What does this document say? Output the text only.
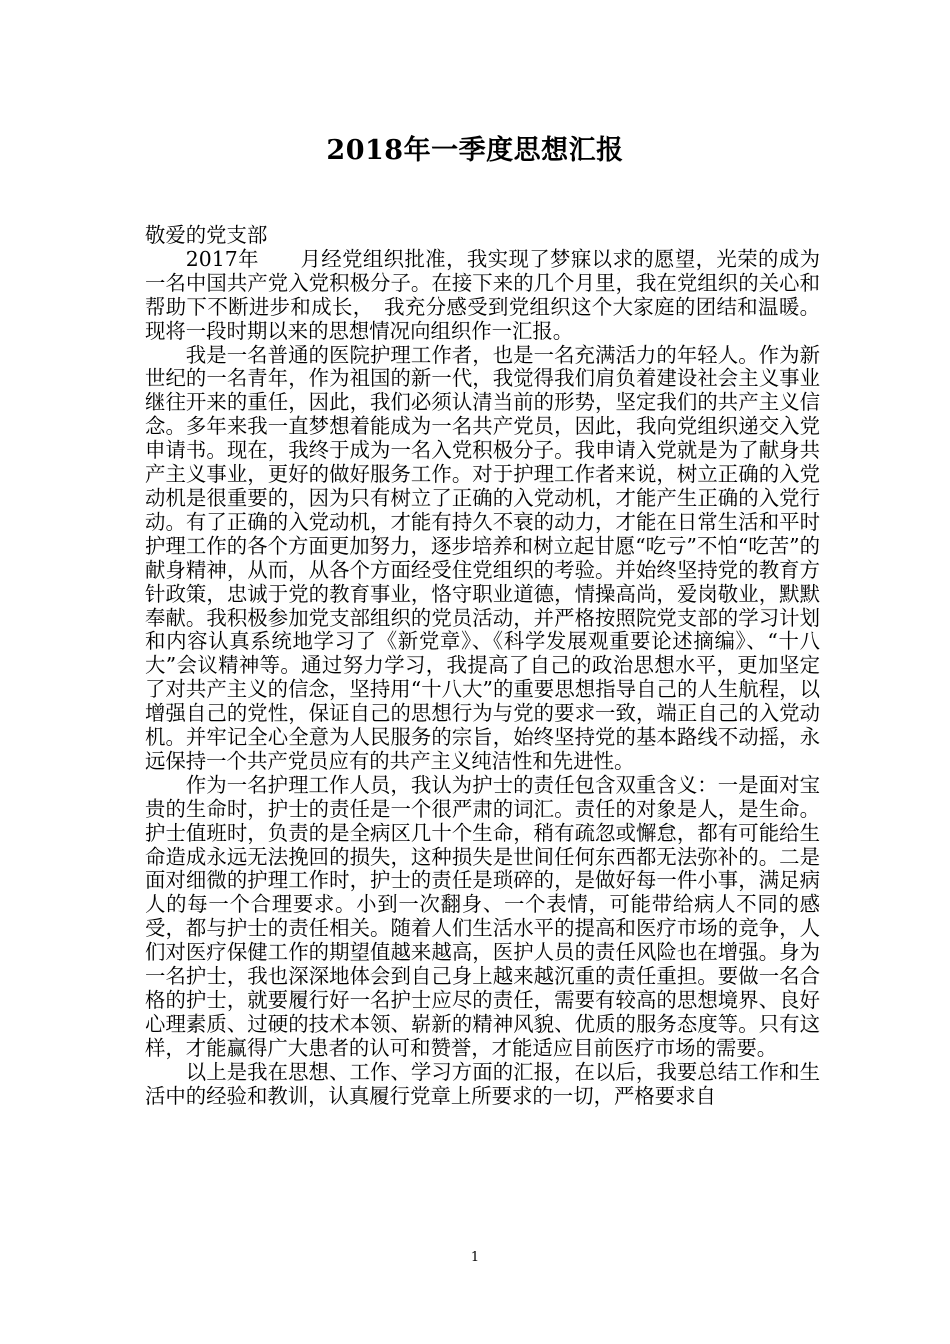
2018年一季度思想汇报

敬爱的党支部

2017年　　月经党组织批准，我实现了梦寐以求的愿望，光荣的成为一名中国共产党入党积极分子。在接下来的几个月里，我在党组织的关心和帮助下不断进步和成长，　我充分感受到党组织这个大家庭的团结和温暖。现将一段时期以来的思想情况向组织作一汇报。

我是一名普通的医院护理工作者，也是一名充满活力的年轻人。作为新世纪的一名青年，作为祖国的新一代，我觉得我们肩负着建设社会主义事业继往开来的重任，因此，我们必须认清当前的形势，坚定我们的共产主义信念。多年来我一直梦想着能成为一名共产党员，因此，我向党组织递交入党申请书。现在，我终于成为一名入党积极分子。我申请入党就是为了献身共产主义事业，更好的做好服务工作。对于护理工作者来说，树立正确的入党动机是很重要的，因为只有树立了正确的入党动机，才能产生正确的入党行动。有了正确的入党动机，才能有持久不衰的动力，才能在日常生活和平时护理工作的各个方面更加努力，逐步培养和树立起甘愿“吃亏”不怕“吃苦”的献身精神，从而，从各个方面经受住党组织的考验。并始终坚持党的教育方针政策，忠诚于党的教育事业，恪守职业道德，情操高尚，爱岗敬业，默默奉献。我积极参加党支部组织的党员活动，并严格按照院党支部的学习计划和内容认真系统地学习了《新党章》、《科学发展观重要论述摘编》、“十八大”会议精神等。通过努力学习，我提高了自己的政治思想水平，更加坚定了对共产主义的信念，坚持用“十八大”的重要思想指导自己的人生航程，以增强自己的党性，保证自己的思想行为与党的要求一致，端正自己的入党动机。并牢记全心全意为人民服务的宗旨，始终坚持党的基本路线不动摇，永远保持一个共产党员应有的共产主义纯洁性和先进性。

作为一名护理工作人员，我认为护士的责任包含双重含义：一是面对宝贵的生命时，护士的责任是一个很严肃的词汇。责任的对象是人，是生命。护士值班时，负责的是全病区几十个生命，稍有疏忽或懈怠，都有可能给生命造成永远无法挽回的损失，这种损失是世间任何东西都无法弥补的。二是面对细微的护理工作时，护士的责任是琐碎的，是做好每一件小事，满足病人的每一个合理要求。小到一次翻身、一个表情，可能带给病人不同的感受，都与护士的责任相关。随着人们生活水平的提高和医疗市场的竞争，人们对医疗保健工作的期望值越来越高，医护人员的责任风险也在增强。身为一名护士，我也深深地体会到自己身上越来越沉重的责任重担。要做一名合格的护士，就要履行好一名护士应尽的责任，需要有较高的思想境界、良好心理素质、过硬的技术本领、崭新的精神风貌、优质的服务态度等。只有这样，才能赢得广大患者的认可和赞誉，才能适应目前医疗市场的需要。

以上是我在思想、工作、学习方面的汇报，在以后，我要总结工作和生活中的经验和教训，认真履行党章上所要求的一切，严格要求自

1
